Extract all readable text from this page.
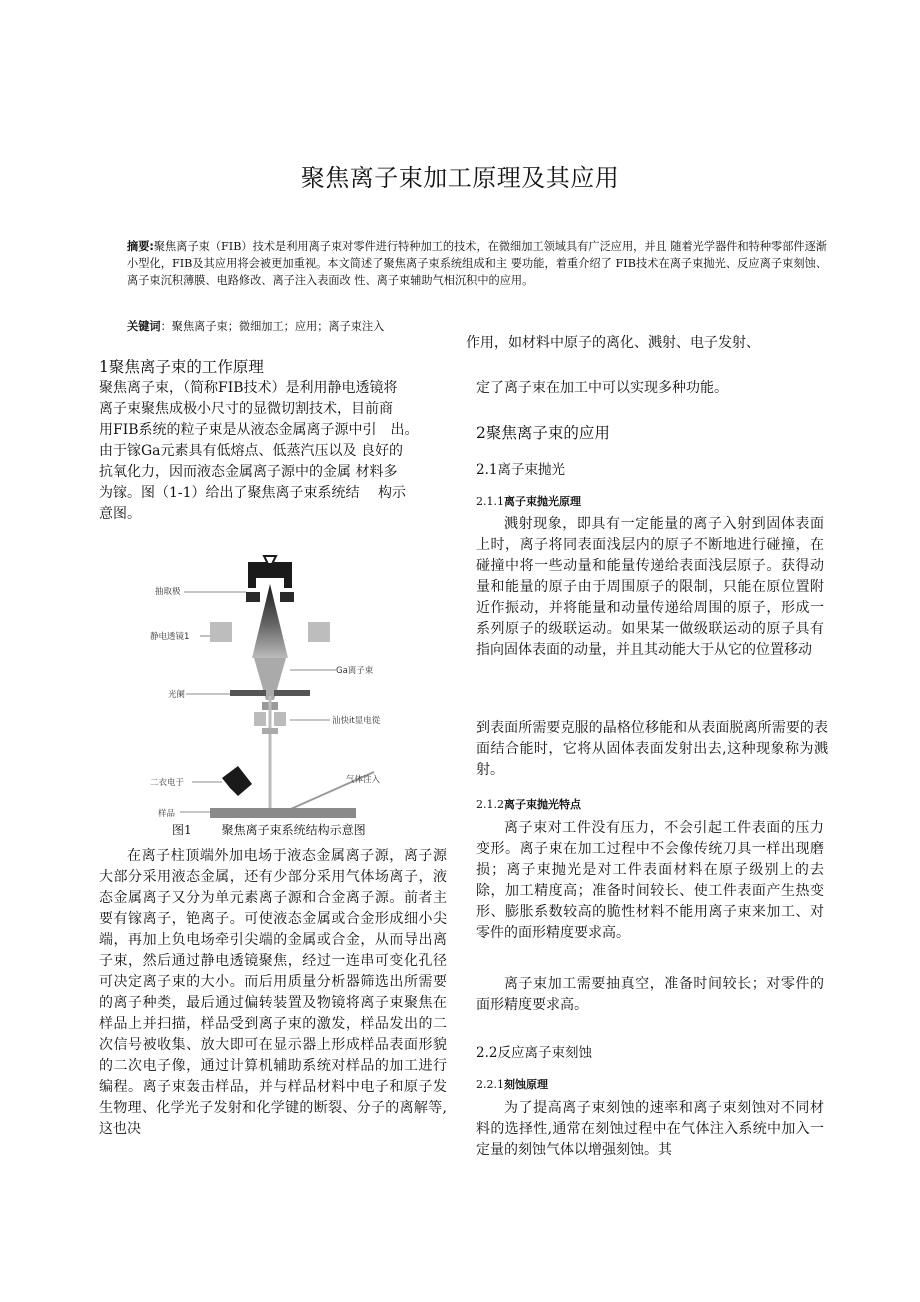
聚焦离子束加工原理及其应用
摘要:聚焦离子束（FIB）技术是利用离子束对零件进行特种加工的技术，在微细加工领域具有广泛应用，并且 随着光学器件和特种零部件逐渐小型化，FIB及其应用将会被更加重视。本文简述了聚焦离子束系统组成和主 要功能，着重介绍了 FIB技术在离子束抛光、反应离子束刻蚀、离子束沉积薄膜、电路修改、离子注入表面改 性、离子束辅助气相沉积中的应用。
关键词：聚焦离子束；微细加工；应用；离子束注入
1聚焦离子束的工作原理
聚焦离子束，（简称FIB技术）是利用静电透镜将
离子束聚焦成极小尺寸的显微切割技术，目前商
用FIB系统的粒子束是从液态金属离子源中引　出。
由于镓Ga元素具有低熔点、低蒸汽压以及 良好的
抗氧化力，因而液态金属离子源中的金属 材料多
为镓。图（1-1）给出了聚焦离子束系统结　 构示
意图。
抽取极
静电透镜1
Ga离子束
光阑
汕快it显电從
二衣电于	气体注入
样品
图1	聚焦离子束系统结构示意图
在离子柱顶端外加电场于液态金属离子源，离子源大部分采用液态金属，还有少部分采用气体场离子，液态金属离子又分为单元素离子源和合金离子源。前者主要有镓离子，铯离子。可使液态金属或合金形成细小尖端，再加上负电场牵引尖端的金属或合金，从而导出离子束，然后通过静电透镜聚焦，经过一连串可变化孔径可决定离子束的大小。而后用质量分析器筛选出所需要的离子种类，最后通过偏转装置及物镜将离子束聚焦在样品上并扫描，样品受到离子束的激发，样品发出的二次信号被收集、放大即可在显示器上形成样品表面形貌的二次电子像，通过计算机辅助系统对样品的加工进行编程。离子束轰击样品，并与样品材料中电子和原子发生物理、化学光子发射和化学键的断裂、分子的离解等,这也决
作用，如材料中原子的离化、溅射、电子发射、
定了离子束在加工中可以实现多种功能。
2聚焦离子束的应用
2.1离子束抛光
2.1.1离子束抛光原理
溅射现象，即具有一定能量的离子入射到固体表面上时，离子将同表面浅层内的原子不断地进行碰撞，在碰撞中将一些动量和能量传递给表面浅层原子。获得动量和能量的原子由于周围原子的限制，只能在原位置附近作振动，并将能量和动量传递给周围的原子，形成一系列原子的级联运动。如果某一做级联运动的原子具有指向固体表面的动量，并且其动能大于从它的位置移动
到表面所需要克服的晶格位移能和从表面脱离所需要的表面结合能时，它将从固体表面发射出去,这种现象称为溅射。
2.1.2离子束抛光特点
离子束对工件没有压力，不会引起工件表面的压力变形。离子束在加工过程中不会像传统刀具一样出现磨损；离子束抛光是对工件表面材料在原子级别上的去除，加工精度高；准备时间较长、使工件表面产生热变形、膨胀系数较高的脆性材料不能用离子束来加工、对零件的面形精度要求高。
离子束加工需要抽真空，准备时间较长；对零件的面形精度要求高。
2.2反应离子束刻蚀
2.2.1刻蚀原理
为了提高离子束刻蚀的速率和离子束刻蚀对不同材料的选择性,通常在刻蚀过程中在气体注入系统中加入一定量的刻蚀气体以增强刻蚀。其
